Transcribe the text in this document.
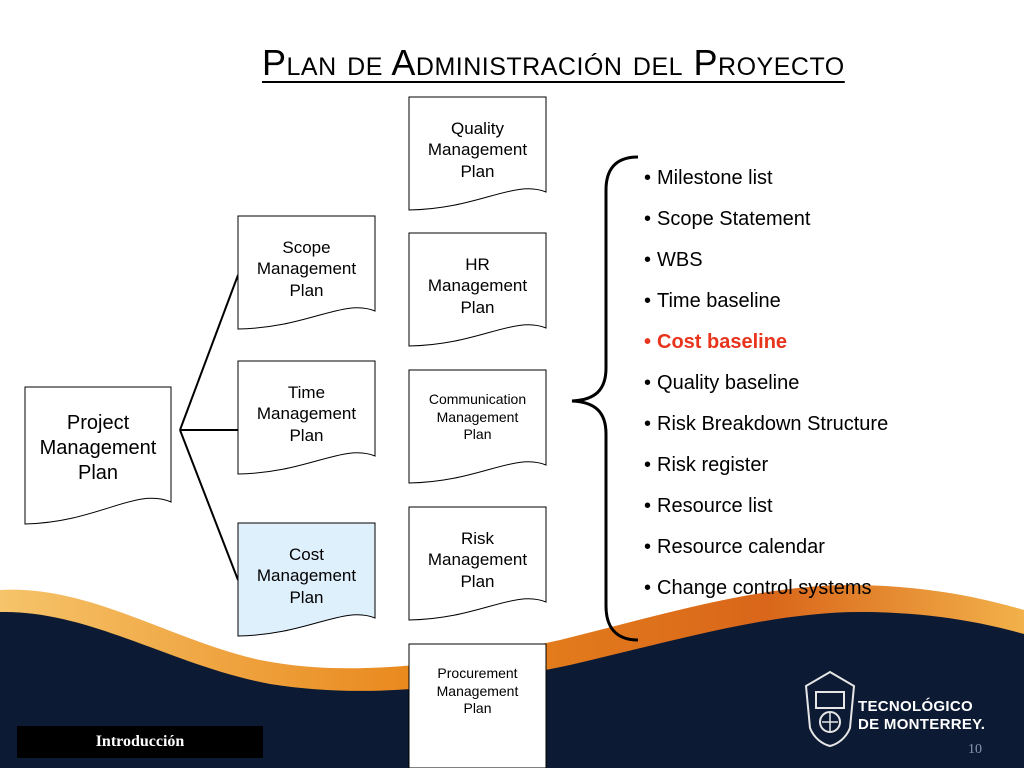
Plan de Administración del Proyecto
Project
Management
Plan
Scope
Management
Plan
Time
Management
Plan
Cost
Management
Plan
Quality
Management
Plan
HR
Management
Plan
Communication
Management
Plan
Risk
Management
Plan
Procurement
Management
Plan
• Milestone list
• Scope Statement
• WBS
• Time baseline
• Cost baseline
• Quality baseline
• Risk Breakdown Structure
• Risk register
• Resource list
• Resource calendar
• Change control systems
Introducción
TECNOLÓGICO
DE MONTERREY.
10
